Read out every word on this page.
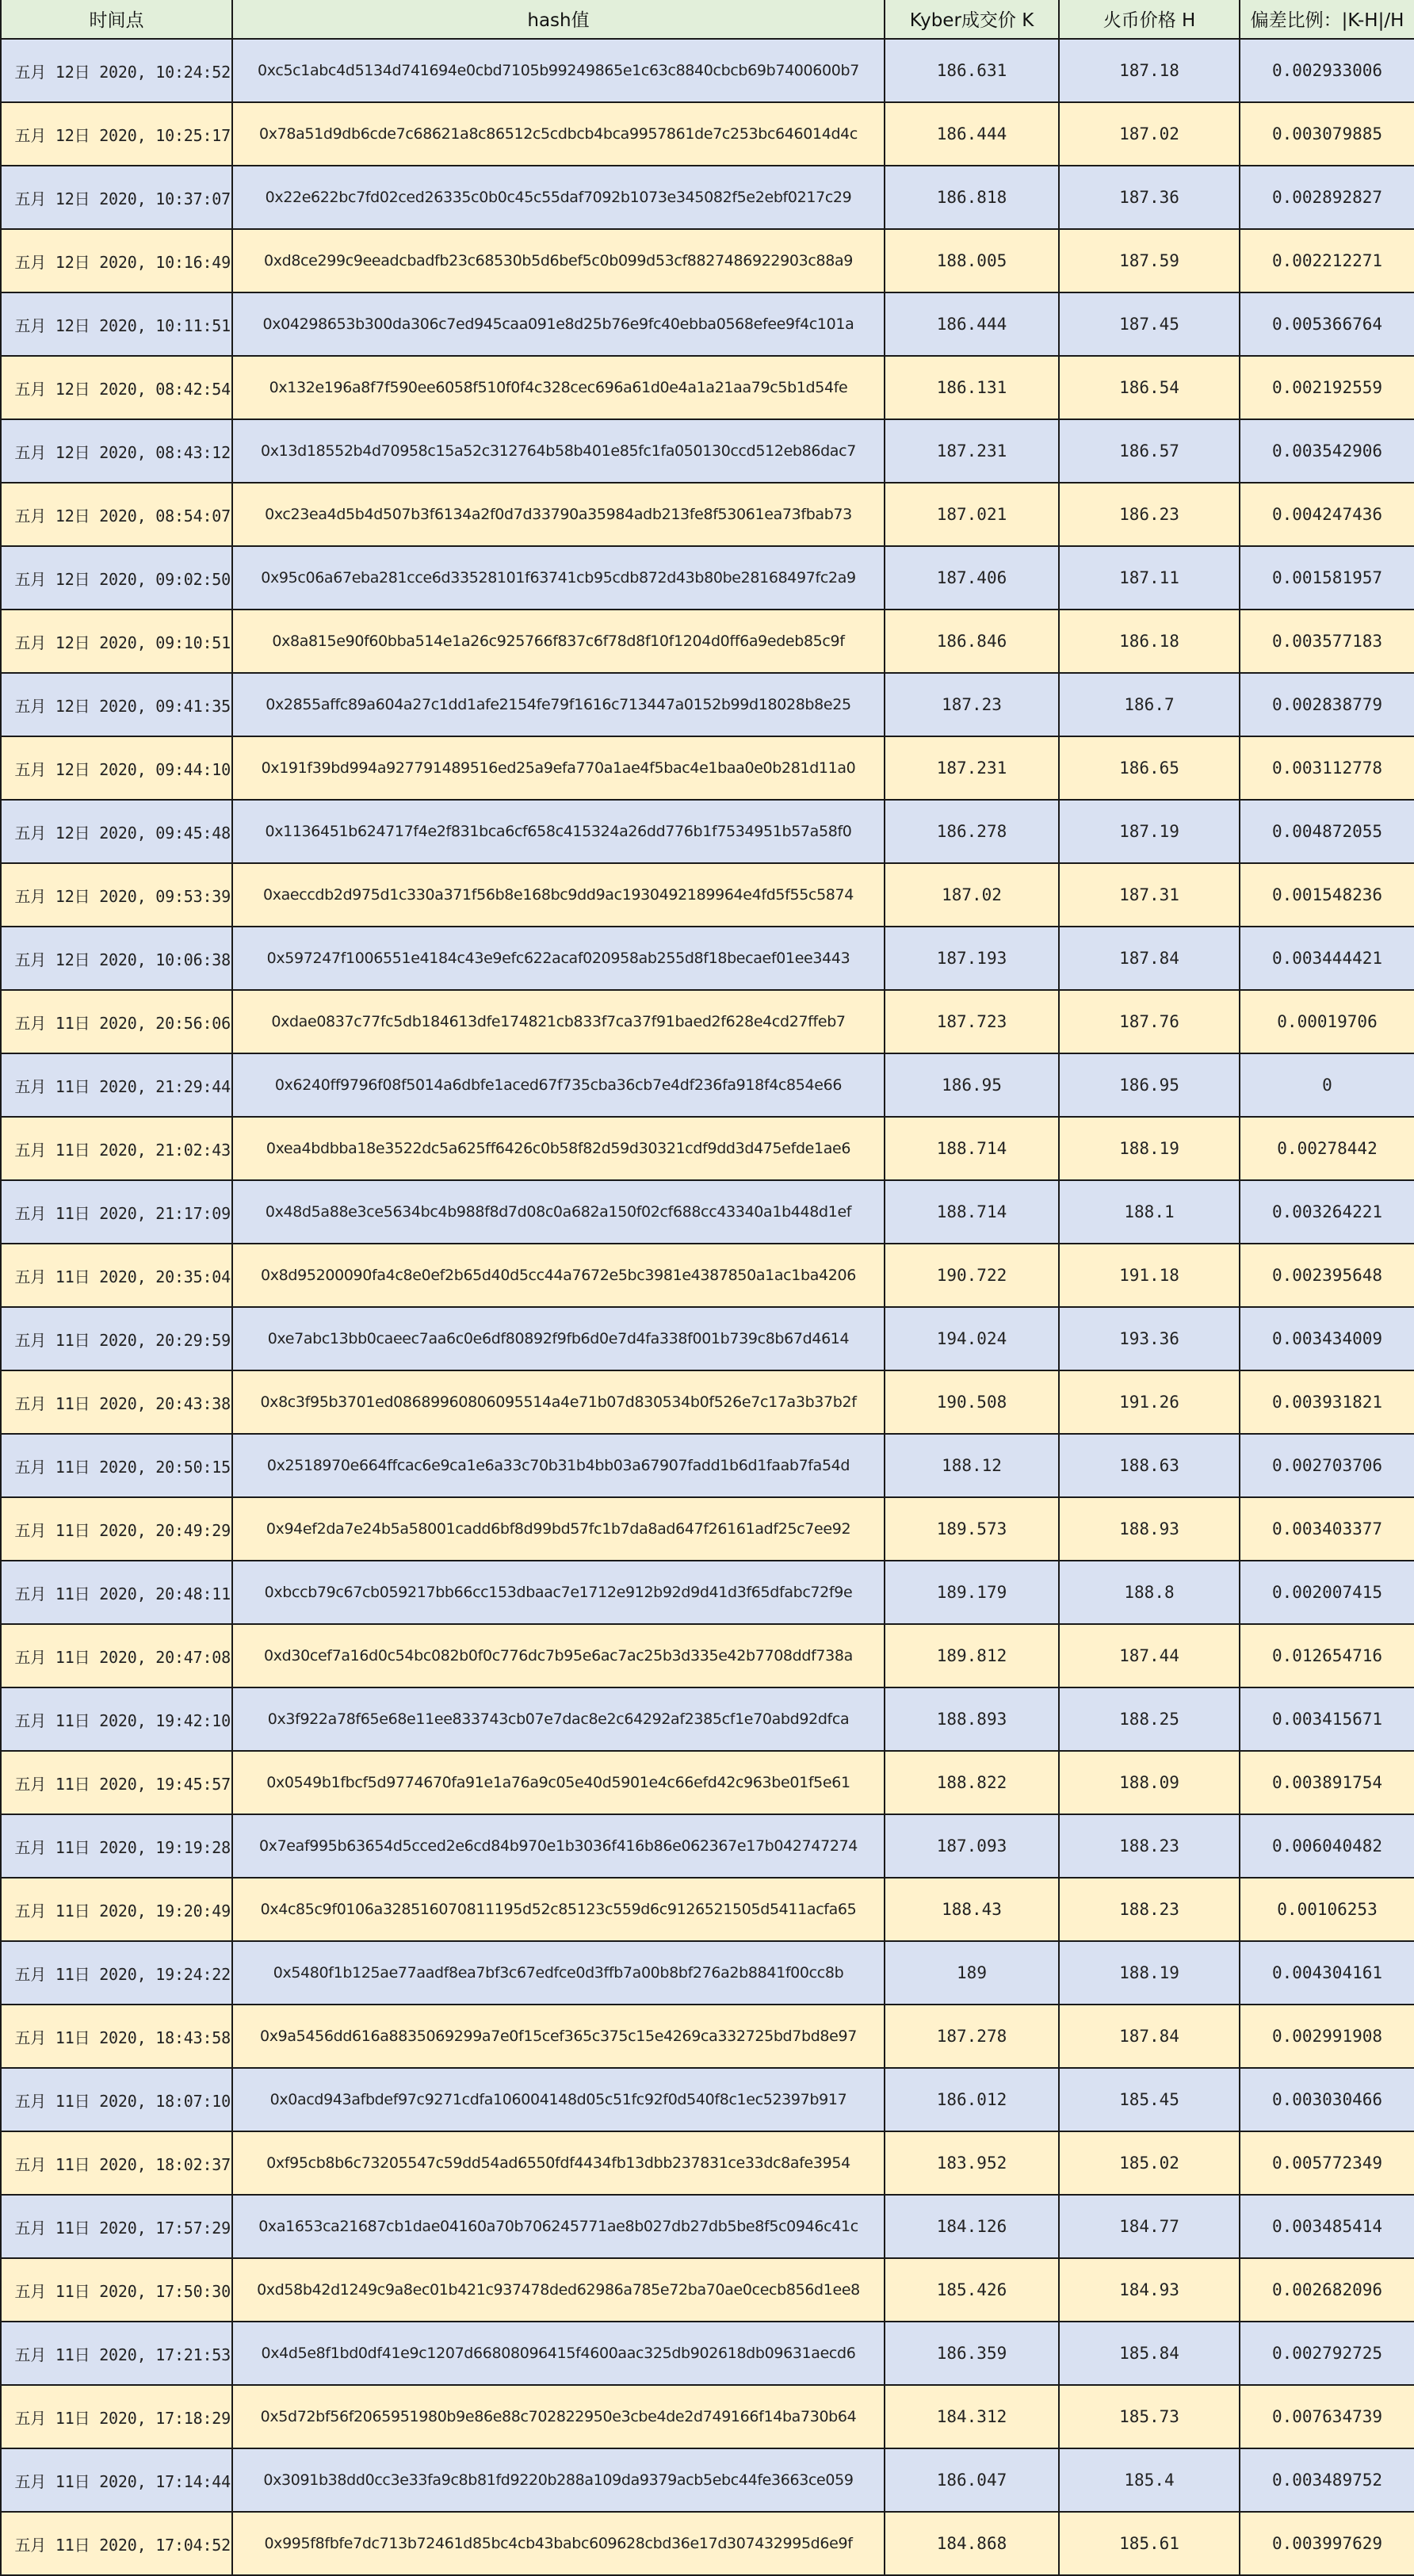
时间点	hash值	Kyber成交价 K	火币价格 H	偏差比例：|K-H|/H
五月 12日 2020, 10:24:52	0xc5c1abc4d5134d741694e0cbd7105b99249865e1c63c8840cbcb69b7400600b7	186.631	187.18	0.002933006
五月 12日 2020, 10:25:17	0x78a51d9db6cde7c68621a8c86512c5cdbcb4bca9957861de7c253bc646014d4c	186.444	187.02	0.003079885
五月 12日 2020, 10:37:07	0x22e622bc7fd02ced26335c0b0c45c55daf7092b1073e345082f5e2ebf0217c29	186.818	187.36	0.002892827
五月 12日 2020, 10:16:49	0xd8ce299c9eeadcbadfb23c68530b5d6bef5c0b099d53cf8827486922903c88a9	188.005	187.59	0.002212271
五月 12日 2020, 10:11:51	0x04298653b300da306c7ed945caa091e8d25b76e9fc40ebba0568efee9f4c101a	186.444	187.45	0.005366764
五月 12日 2020, 08:42:54	0x132e196a8f7f590ee6058f510f0f4c328cec696a61d0e4a1a21aa79c5b1d54fe	186.131	186.54	0.002192559
五月 12日 2020, 08:43:12	0x13d18552b4d70958c15a52c312764b58b401e85fc1fa050130ccd512eb86dac7	187.231	186.57	0.003542906
五月 12日 2020, 08:54:07	0xc23ea4d5b4d507b3f6134a2f0d7d33790a35984adb213fe8f53061ea73fbab73	187.021	186.23	0.004247436
五月 12日 2020, 09:02:50	0x95c06a67eba281cce6d33528101f63741cb95cdb872d43b80be28168497fc2a9	187.406	187.11	0.001581957
五月 12日 2020, 09:10:51	0x8a815e90f60bba514e1a26c925766f837c6f78d8f10f1204d0ff6a9edeb85c9f	186.846	186.18	0.003577183
五月 12日 2020, 09:41:35	0x2855affc89a604a27c1dd1afe2154fe79f1616c713447a0152b99d18028b8e25	187.23	186.7	0.002838779
五月 12日 2020, 09:44:10	0x191f39bd994a927791489516ed25a9efa770a1ae4f5bac4e1baa0e0b281d11a0	187.231	186.65	0.003112778
五月 12日 2020, 09:45:48	0x1136451b624717f4e2f831bca6cf658c415324a26dd776b1f7534951b57a58f0	186.278	187.19	0.004872055
五月 12日 2020, 09:53:39	0xaeccdb2d975d1c330a371f56b8e168bc9dd9ac1930492189964e4fd5f55c5874	187.02	187.31	0.001548236
五月 12日 2020, 10:06:38	0x597247f1006551e4184c43e9efc622acaf020958ab255d8f18becaef01ee3443	187.193	187.84	0.003444421
五月 11日 2020, 20:56:06	0xdae0837c77fc5db184613dfe174821cb833f7ca37f91baed2f628e4cd27ffeb7	187.723	187.76	0.00019706
五月 11日 2020, 21:29:44	0x6240ff9796f08f5014a6dbfe1aced67f735cba36cb7e4df236fa918f4c854e66	186.95	186.95	0
五月 11日 2020, 21:02:43	0xea4bdbba18e3522dc5a625ff6426c0b58f82d59d30321cdf9dd3d475efde1ae6	188.714	188.19	0.00278442
五月 11日 2020, 21:17:09	0x48d5a88e3ce5634bc4b988f8d7d08c0a682a150f02cf688cc43340a1b448d1ef	188.714	188.1	0.003264221
五月 11日 2020, 20:35:04	0x8d95200090fa4c8e0ef2b65d40d5cc44a7672e5bc3981e4387850a1ac1ba4206	190.722	191.18	0.002395648
五月 11日 2020, 20:29:59	0xe7abc13bb0caeec7aa6c0e6df80892f9fb6d0e7d4fa338f001b739c8b67d4614	194.024	193.36	0.003434009
五月 11日 2020, 20:43:38	0x8c3f95b3701ed08689960806095514a4e71b07d830534b0f526e7c17a3b37b2f	190.508	191.26	0.003931821
五月 11日 2020, 20:50:15	0x2518970e664ffcac6e9ca1e6a33c70b31b4bb03a67907fadd1b6d1faab7fa54d	188.12	188.63	0.002703706
五月 11日 2020, 20:49:29	0x94ef2da7e24b5a58001cadd6bf8d99bd57fc1b7da8ad647f26161adf25c7ee92	189.573	188.93	0.003403377
五月 11日 2020, 20:48:11	0xbccb79c67cb059217bb66cc153dbaac7e1712e912b92d9d41d3f65dfabc72f9e	189.179	188.8	0.002007415
五月 11日 2020, 20:47:08	0xd30cef7a16d0c54bc082b0f0c776dc7b95e6ac7ac25b3d335e42b7708ddf738a	189.812	187.44	0.012654716
五月 11日 2020, 19:42:10	0x3f922a78f65e68e11ee833743cb07e7dac8e2c64292af2385cf1e70abd92dfca	188.893	188.25	0.003415671
五月 11日 2020, 19:45:57	0x0549b1fbcf5d9774670fa91e1a76a9c05e40d5901e4c66efd42c963be01f5e61	188.822	188.09	0.003891754
五月 11日 2020, 19:19:28	0x7eaf995b63654d5cced2e6cd84b970e1b3036f416b86e062367e17b042747274	187.093	188.23	0.006040482
五月 11日 2020, 19:20:49	0x4c85c9f0106a328516070811195d52c85123c559d6c9126521505d5411acfa65	188.43	188.23	0.00106253
五月 11日 2020, 19:24:22	0x5480f1b125ae77aadf8ea7bf3c67edfce0d3ffb7a00b8bf276a2b8841f00cc8b	189	188.19	0.004304161
五月 11日 2020, 18:43:58	0x9a5456dd616a8835069299a7e0f15cef365c375c15e4269ca332725bd7bd8e97	187.278	187.84	0.002991908
五月 11日 2020, 18:07:10	0x0acd943afbdef97c9271cdfa106004148d05c51fc92f0d540f8c1ec52397b917	186.012	185.45	0.003030466
五月 11日 2020, 18:02:37	0xf95cb8b6c73205547c59dd54ad6550fdf4434fb13dbb237831ce33dc8afe3954	183.952	185.02	0.005772349
五月 11日 2020, 17:57:29	0xa1653ca21687cb1dae04160a70b706245771ae8b027db27db5be8f5c0946c41c	184.126	184.77	0.003485414
五月 11日 2020, 17:50:30	0xd58b42d1249c9a8ec01b421c937478ded62986a785e72ba70ae0cecb856d1ee8	185.426	184.93	0.002682096
五月 11日 2020, 17:21:53	0x4d5e8f1bd0df41e9c1207d66808096415f4600aac325db902618db09631aecd6	186.359	185.84	0.002792725
五月 11日 2020, 17:18:29	0x5d72bf56f2065951980b9e86e88c702822950e3cbe4de2d749166f14ba730b64	184.312	185.73	0.007634739
五月 11日 2020, 17:14:44	0x3091b38dd0cc3e33fa9c8b81fd9220b288a109da9379acb5ebc44fe3663ce059	186.047	185.4	0.003489752
五月 11日 2020, 17:04:52	0x995f8fbfe7dc713b72461d85bc4cb43babc609628cbd36e17d307432995d6e9f	184.868	185.61	0.003997629
